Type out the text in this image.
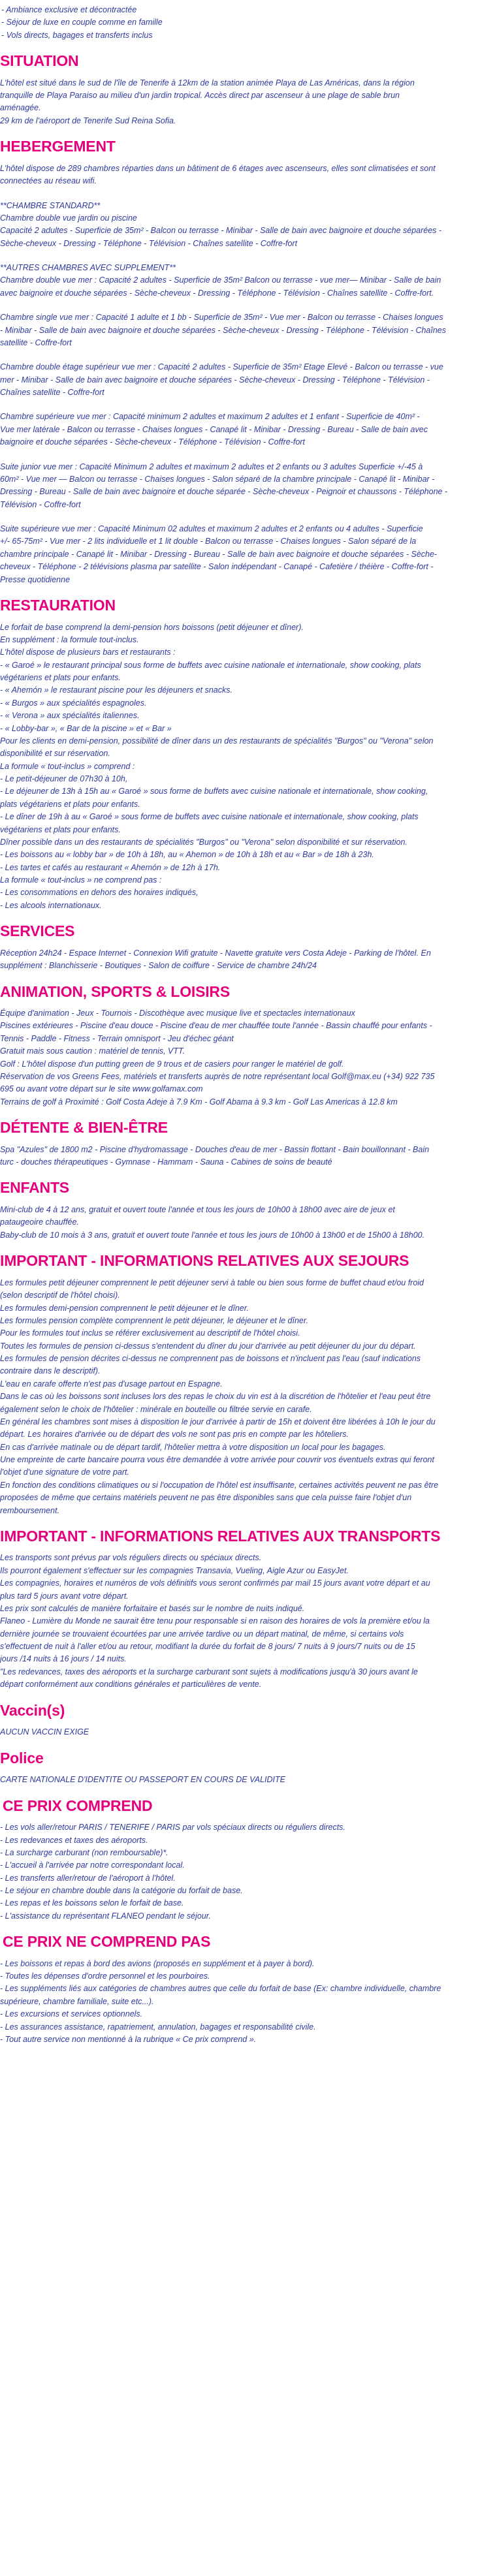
- Ambiance exclusive et décontractée
- Séjour de luxe en couple comme en famille
- Vols directs, bagages et transferts inclus
SITUATION
L'hôtel est situé dans le sud de l'île de Tenerife à 12km de la station animée Playa de Las Américas, dans la région
tranquille de Playa Paraiso au milieu d'un jardin tropical. Accès direct par ascenseur à une plage de sable brun
aménagée.
29 km de l'aéroport de Tenerife Sud Reina Sofia.
HEBERGEMENT
L'hôtel dispose de 289 chambres réparties dans un bâtiment de 6 étages avec ascenseurs, elles sont climatisées et sont
connectées au réseau wifi.
**CHAMBRE STANDARD**
Chambre double vue jardin ou piscine
Capacité 2 adultes - Superficie de 35m² - Balcon ou terrasse - Minibar - Salle de bain avec baignoire et douche séparées -
Sèche-cheveux - Dressing - Téléphone - Télévision - Chaînes satellite - Coffre-fort
**AUTRES CHAMBRES AVEC SUPPLEMENT**
Chambre double vue mer : Capacité 2 adultes - Superficie de 35m² Balcon ou terrasse - vue mer— Minibar - Salle de bain
avec baignoire et douche séparées - Sèche-cheveux - Dressing - Téléphone - Télévision - Chaînes satellite - Coffre-fort.
Chambre single vue mer : Capacité 1 adulte et 1 bb - Superficie de 35m² - Vue mer - Balcon ou terrasse - Chaises longues
- Minibar - Salle de bain avec baignoire et douche séparées - Sèche-cheveux - Dressing - Téléphone - Télévision - Chaînes
satellite - Coffre-fort
Chambre double étage supérieur vue mer : Capacité 2 adultes - Superficie de 35m² Etage Elevé - Balcon ou terrasse - vue
mer - Minibar - Salle de bain avec baignoire et douche séparées - Sèche-cheveux - Dressing - Téléphone - Télévision -
Chaînes satellite - Coffre-fort
Chambre supérieure vue mer : Capacité minimum 2 adultes et maximum 2 adultes et 1 enfant - Superficie de 40m² -
Vue mer latérale - Balcon ou terrasse - Chaises longues - Canapé lit - Minibar - Dressing - Bureau - Salle de bain avec
baignoire et douche séparées - Sèche-cheveux - Téléphone - Télévision - Coffre-fort
Suite junior vue mer : Capacité Minimum 2 adultes et maximum 2 adultes et 2 enfants ou 3 adultes Superficie +/-45 à
60m² - Vue mer — Balcon ou terrasse - Chaises longues - Salon séparé de la chambre principale - Canapé lit - Minibar -
Dressing - Bureau - Salle de bain avec baignoire et douche séparée - Sèche-cheveux - Peignoir et chaussons - Téléphone -
Télévision - Coffre-fort
Suite supérieure vue mer : Capacité Minimum 02 adultes et maximum 2 adultes et 2 enfants ou 4 adultes - Superficie
+/- 65-75m² - Vue mer - 2 lits individuelle et 1 lit double - Balcon ou terrasse - Chaises longues - Salon séparé de la
chambre principale - Canapé lit - Minibar - Dressing - Bureau - Salle de bain avec baignoire et douche séparées - Sèche-
cheveux - Téléphone - 2 télévisions plasma par satellite - Salon indépendant - Canapé - Cafetière / théière - Coffre-fort -
Presse quotidienne
RESTAURATION
Le forfait de base comprend la demi-pension hors boissons (petit déjeuner et dîner).
En supplément : la formule tout-inclus.
L'hôtel dispose de plusieurs bars et restaurants :
- « Garoé » le restaurant principal sous forme de buffets avec cuisine nationale et internationale, show cooking, plats
végétariens et plats pour enfants.
- « Ahemón » le restaurant piscine pour les déjeuners et snacks.
- « Burgos » aux spécialités espagnoles.
- « Verona » aux spécialités italiennes.
- « Lobby-bar », « Bar de la piscine » et « Bar »
Pour les clients en demi-pension, possibilité de dîner dans un des restaurants de spécialités "Burgos" ou "Verona" selon
disponibilité et sur réservation.
La formule « tout-inclus » comprend :
- Le petit-déjeuner de 07h30 à 10h,
- Le déjeuner de 13h à 15h au « Garoé » sous forme de buffets avec cuisine nationale et internationale, show cooking,
plats végétariens et plats pour enfants.
- Le dîner de 19h à au « Garoé » sous forme de buffets avec cuisine nationale et internationale, show cooking, plats
végétariens et plats pour enfants.
Dîner possible dans un des restaurants de spécialités "Burgos" ou "Verona" selon disponibilité et sur réservation.
- Les boissons au « lobby bar » de 10h à 18h, au « Ahemon » de 10h à 18h et au « Bar » de 18h à 23h.
- Les tartes et cafés au restaurant « Ahemón » de 12h à 17h.
La formule « tout-inclus » ne comprend pas :
- Les consommations en dehors des horaires indiqués,
- Les alcools internationaux.
SERVICES
Réception 24h24 - Espace Internet - Connexion Wifi gratuite - Navette gratuite vers Costa Adeje - Parking de l'hôtel. En
supplément : Blanchisserie - Boutiques - Salon de coiffure - Service de chambre 24h/24
ANIMATION, SPORTS & LOISIRS
Équipe d'animation - Jeux - Tournois - Discothèque avec musique live et spectacles internationaux
Piscines extérieures - Piscine d'eau douce - Piscine d'eau de mer chauffée toute l'année - Bassin chauffé pour enfants -
Tennis - Paddle - Fitness - Terrain omnisport - Jeu d'échec géant
Gratuit mais sous caution : matériel de tennis, VTT.
Golf : L'hôtel dispose d'un putting green de 9 trous et de casiers pour ranger le matériel de golf.
Réservation de vos Greens Fees, matériels et transferts auprès de notre représentant local Golf@max.eu (+34) 922 735
695 ou avant votre départ sur le site www.golfamax.com
Terrains de golf à Proximité : Golf Costa Adeje à 7.9 Km - Golf Abama à 9.3 km - Golf Las Americas à 12.8 km
DÉTENTE & BIEN-ÊTRE
Spa "Azules" de 1800 m2 - Piscine d'hydromassage - Douches d'eau de mer - Bassin flottant - Bain bouillonnant - Bain
turc - douches thérapeutiques - Gymnase - Hammam - Sauna - Cabines de soins de beauté
ENFANTS
Mini-club de 4 à 12 ans, gratuit et ouvert toute l'année et tous les jours de 10h00 à 18h00 avec aire de jeux et
pataugeoire chauffée.
Baby-club de 10 mois à 3 ans, gratuit et ouvert toute l'année et tous les jours de 10h00 à 13h00 et de 15h00 à 18h00.
IMPORTANT - INFORMATIONS RELATIVES AUX SEJOURS
Les formules petit déjeuner comprennent le petit déjeuner servi à table ou bien sous forme de buffet chaud et/ou froid
(selon descriptif de l'hôtel choisi).
Les formules demi-pension comprennent le petit déjeuner et le dîner.
Les formules pension complète comprennent le petit déjeuner, le déjeuner et le dîner.
Pour les formules tout inclus se référer exclusivement au descriptif de l'hôtel choisi.
Toutes les formules de pension ci-dessus s'entendent du dîner du jour d'arrivée au petit déjeuner du jour du départ.
Les formules de pension décrites ci-dessus ne comprennent pas de boissons et n'incluent pas l'eau (sauf indications
contraire dans le descriptif).
L'eau en carafe offerte n'est pas d'usage partout en Espagne.
Dans le cas où les boissons sont incluses lors des repas le choix du vin est à la discrétion de l'hôtelier et l'eau peut être
également selon le choix de l'hôtelier : minérale en bouteille ou filtrée servie en carafe.
En général les chambres sont mises à disposition le jour d'arrivée à partir de 15h et doivent être libérées à 10h le jour du
départ. Les horaires d'arrivée ou de départ des vols ne sont pas pris en compte par les hôteliers.
En cas d'arrivée matinale ou de départ tardif, l'hôtelier mettra à votre disposition un local pour les bagages.
Une empreinte de carte bancaire pourra vous être demandée à votre arrivée pour couvrir vos éventuels extras qui feront
l'objet d'une signature de votre part.
En fonction des conditions climatiques ou si l'occupation de l'hôtel est insuffisante, certaines activités peuvent ne pas être
proposées de même que certains matériels peuvent ne pas être disponibles sans que cela puisse faire l'objet d'un
remboursement.
IMPORTANT - INFORMATIONS RELATIVES AUX TRANSPORTS
Les transports sont prévus par vols réguliers directs ou spéciaux directs.
Ils pourront également s'effectuer sur les compagnies Transavia, Vueling, Aigle Azur ou EasyJet.
Les compagnies, horaires et numéros de vols définitifs vous seront confirmés par mail 15 jours avant votre départ et au
plus tard 5 jours avant votre départ.
Les prix sont calculés de manière forfaitaire et basés sur le nombre de nuits indiqué.
Flaneo - Lumière du Monde ne saurait être tenu pour responsable si en raison des horaires de vols la première et/ou la
dernière journée se trouvaient écourtées par une arrivée tardive ou un départ matinal, de même, si certains vols
s'effectuent de nuit à l'aller et/ou au retour, modifiant la durée du forfait de 8 jours/ 7 nuits à 9 jours/7 nuits ou de 15
jours /14 nuits à 16 jours / 14 nuits.
"Les redevances, taxes des aéroports et la surcharge carburant sont sujets à modifications jusqu'à 30 jours avant le
départ conformément aux conditions générales et particulières de vente.
Vaccin(s)
AUCUN VACCIN EXIGE
Police
CARTE NATIONALE D'IDENTITE OU PASSEPORT EN COURS DE VALIDITE
CE PRIX COMPREND
- Les vols aller/retour PARIS / TENERIFE / PARIS par vols spéciaux directs ou réguliers directs.
- Les redevances et taxes des aéroports.
- La surcharge carburant (non remboursable)*.
- L'accueil à l'arrivée par notre correspondant local.
- Les transferts aller/retour de l'aéroport à l'hôtel.
- Le séjour en chambre double dans la catégorie du forfait de base.
- Les repas et les boissons selon le forfait de base.
- L'assistance du représentant FLANEO pendant le séjour.
CE PRIX NE COMPREND PAS
- Les boissons et repas à bord des avions (proposés en supplément et à payer à bord).
- Toutes les dépenses d'ordre personnel et les pourboires.
- Les suppléments liés aux catégories de chambres autres que celle du forfait de base (Ex: chambre individuelle, chambre
supérieure, chambre familiale, suite etc...).
- Les excursions et services optionnels.
- Les assurances assistance, rapatriement, annulation, bagages et responsabilité civile.
- Tout autre service non mentionné à la rubrique « Ce prix comprend ».
